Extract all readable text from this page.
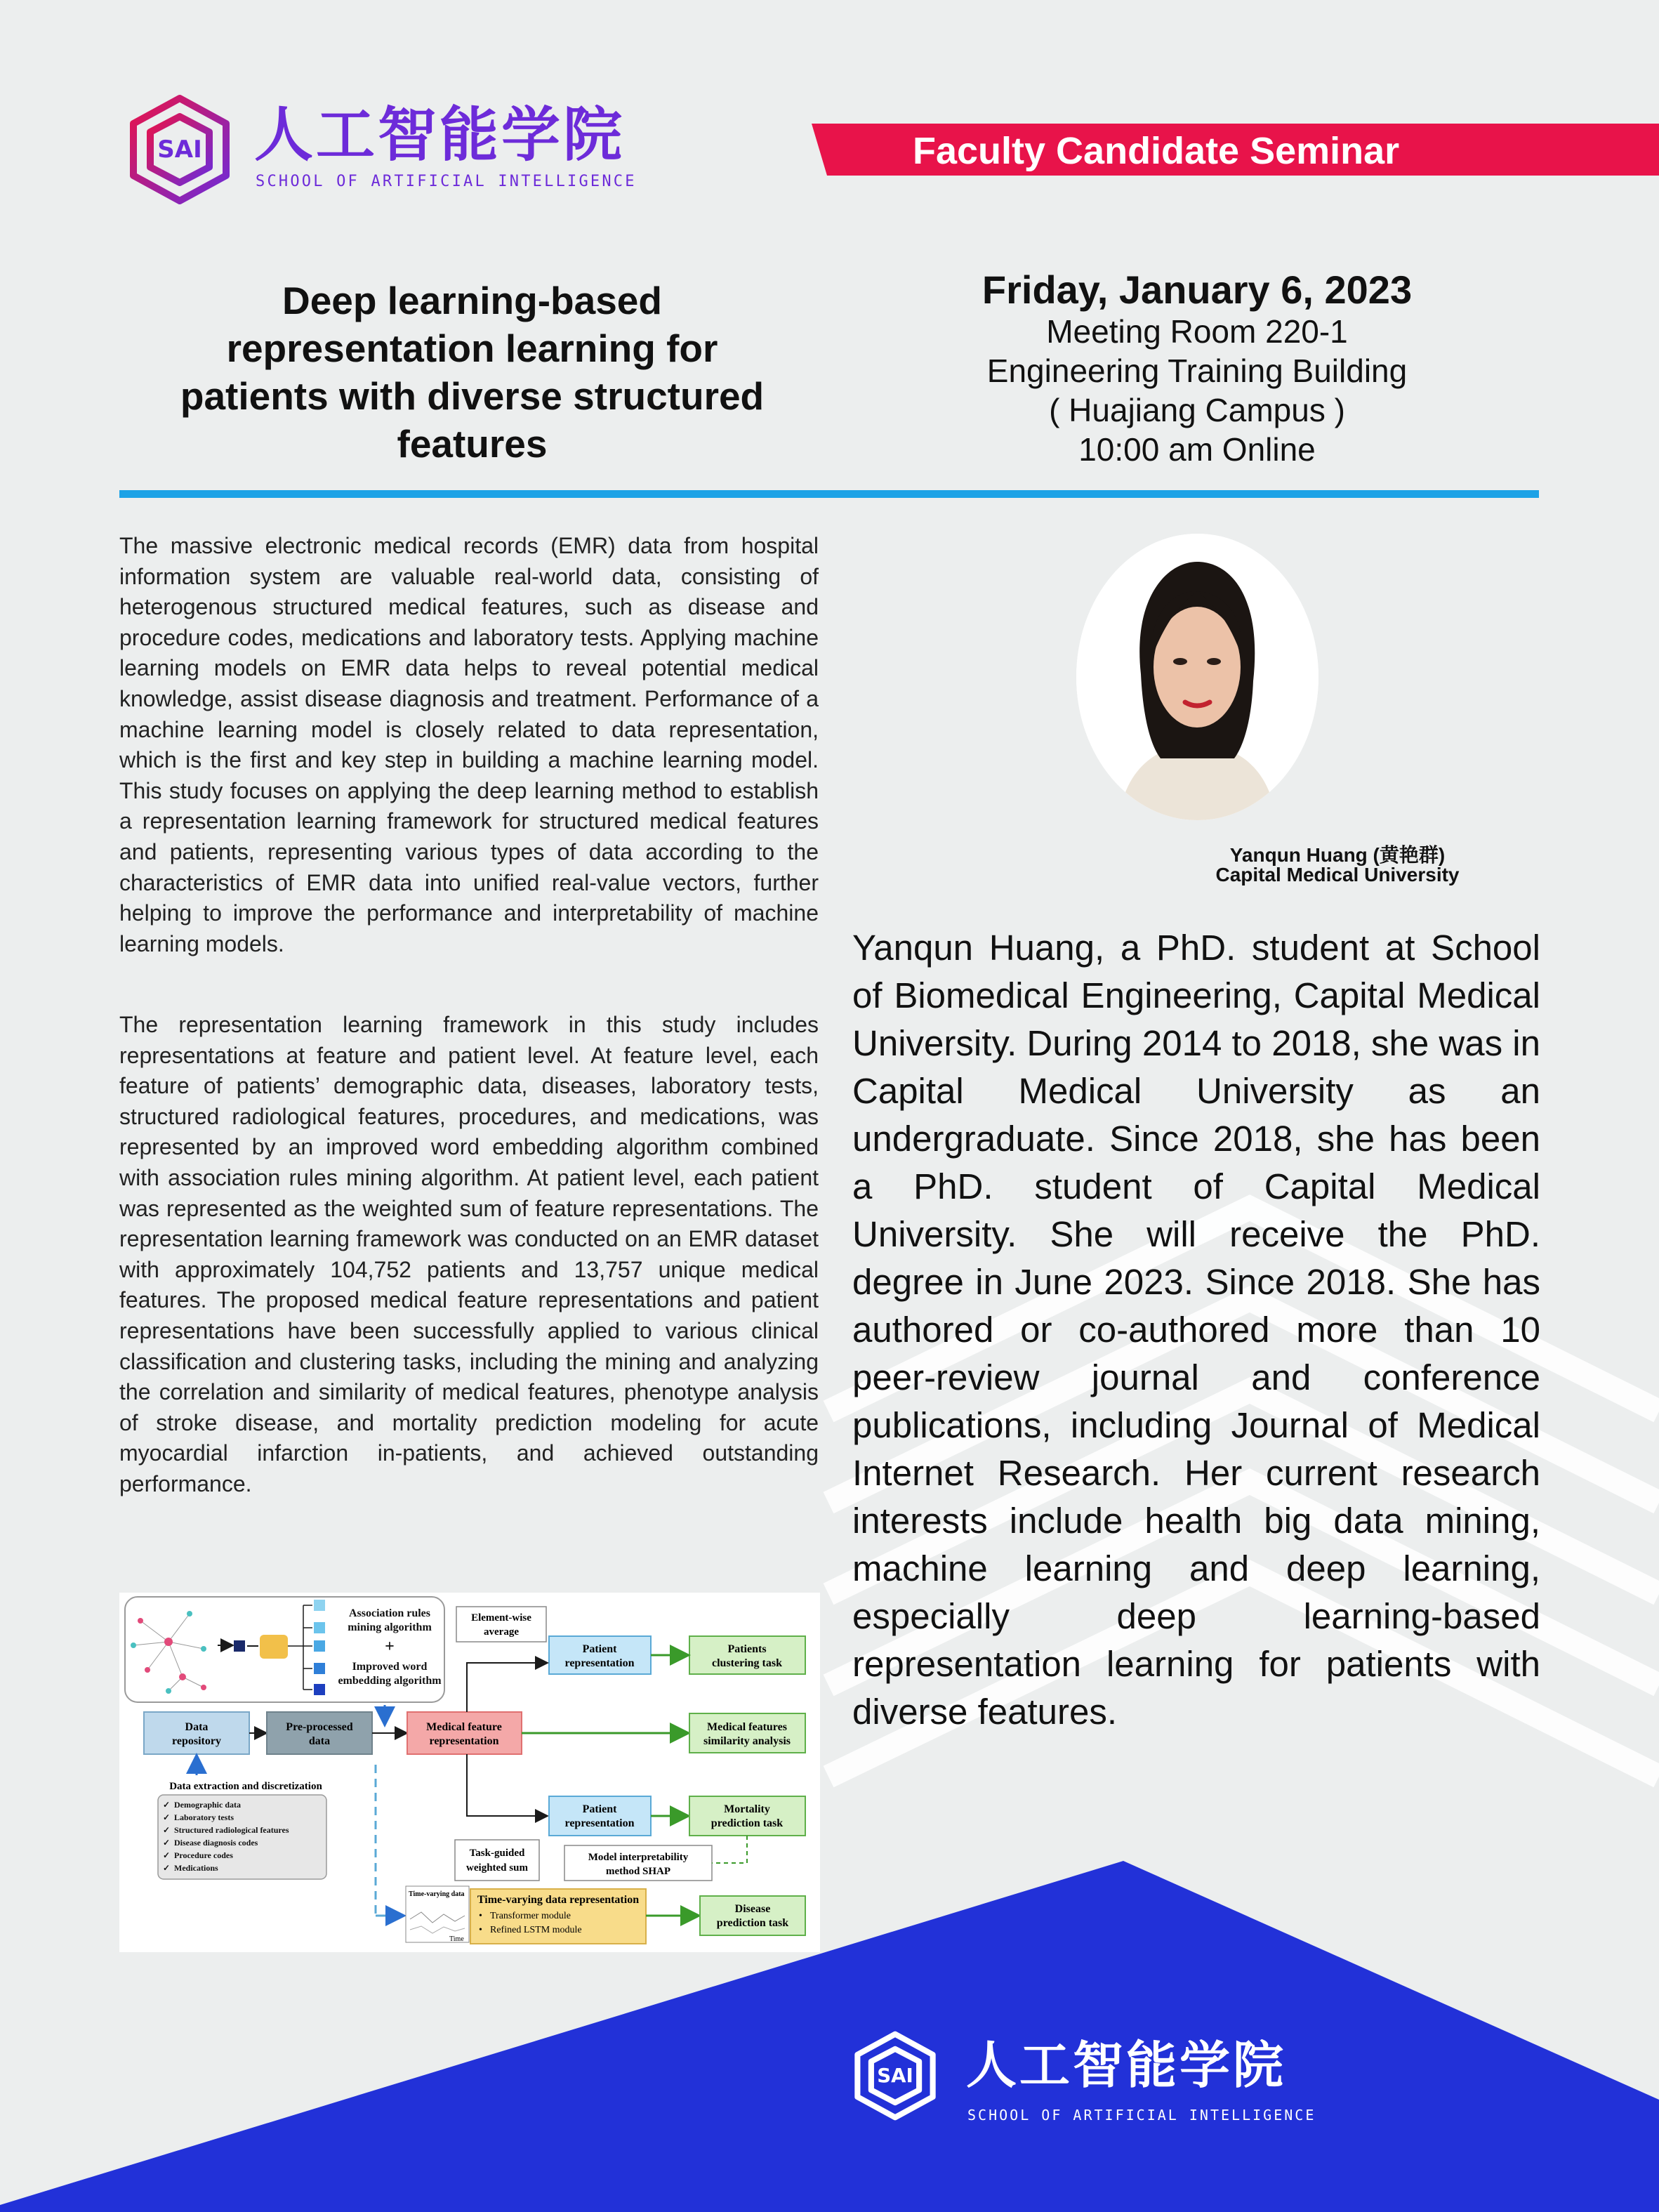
SAI 人工智能学院
SCHOOL OF ARTIFICIAL INTELLIGENCE
Faculty Candidate Seminar
Deep learning-based
representation learning for
patients with diverse structured
features
Friday, January 6, 2023
Meeting Room 220-1
Engineering Training Building
( Huajiang Campus )
10:00 am Online
The massive electronic medical records (EMR) data from hospital information system are valuable real-world data, consisting of heterogenous structured medical features, such as disease and procedure codes, medications and laboratory tests. Applying machine learning models on EMR data helps to reveal potential medical knowledge, assist disease diagnosis and treatment. Performance of a machine learning model is closely related to data representation, which is the first and key step in building a machine learning model. This study focuses on applying the deep learning method to establish a representation learning framework for structured medical features and patients, representing various types of data according to the characteristics of EMR data into unified real-value vectors, further helping to improve the performance and interpretability of machine learning models.
The representation learning framework in this study includes representations at feature and patient level. At feature level, each feature of patients’ demographic data, diseases, laboratory tests, structured radiological features, procedures, and medications, was represented by an improved word embedding algorithm combined with association rules mining algorithm. At patient level, each patient was represented as the weighted sum of feature representations. The representation learning framework was conducted on an EMR dataset with approximately 104,752 patients and 13,757 unique medical features. The proposed medical feature representations and patient representations have been successfully applied to various clinical classification and clustering tasks, including the mining and analyzing the correlation and similarity of medical features, phenotype analysis of stroke disease, and mortality prediction modeling for acute myocardial infarction in-patients, and achieved outstanding performance.
Yanqun Huang (黄艳群)
Capital Medical University
Yanqun Huang, a PhD. student at School of Biomedical Engineering, Capital Medical University. During 2014 to 2018, she was in Capital Medical University as an undergraduate. Since 2018, she has been a PhD. student of Capital Medical University. She will receive the PhD. degree in June 2023. Since 2018. She has authored or co-authored more than 10 peer-review journal and conference publications, including Journal of Medical Internet Research. Her current research interests include health big data mining, machine learning and deep learning, especially deep learning-based representation learning for patients with diverse features.
Association rules
mining algorithm
+
Improved word
embedding algorithm
Element-wise
average
Patient
representation
Patients
clustering task
Data
repository
Pre-processed
data
Medical feature
representation
Medical features
similarity analysis
Data extraction and discretization
✓ Demographic data
✓ Laboratory tests
✓ Structured radiological features
✓ Disease diagnosis codes
✓ Procedure codes
✓ Medications
Patient
representation
Mortality
prediction task
Task-guided
weighted sum
Model interpretability
method SHAP
Time-varying data
Time
Time-varying data representation
• Transformer module
• Refined LSTM module
Disease
prediction task
SAI 人工智能学院
SCHOOL OF ARTIFICIAL INTELLIGENCE
